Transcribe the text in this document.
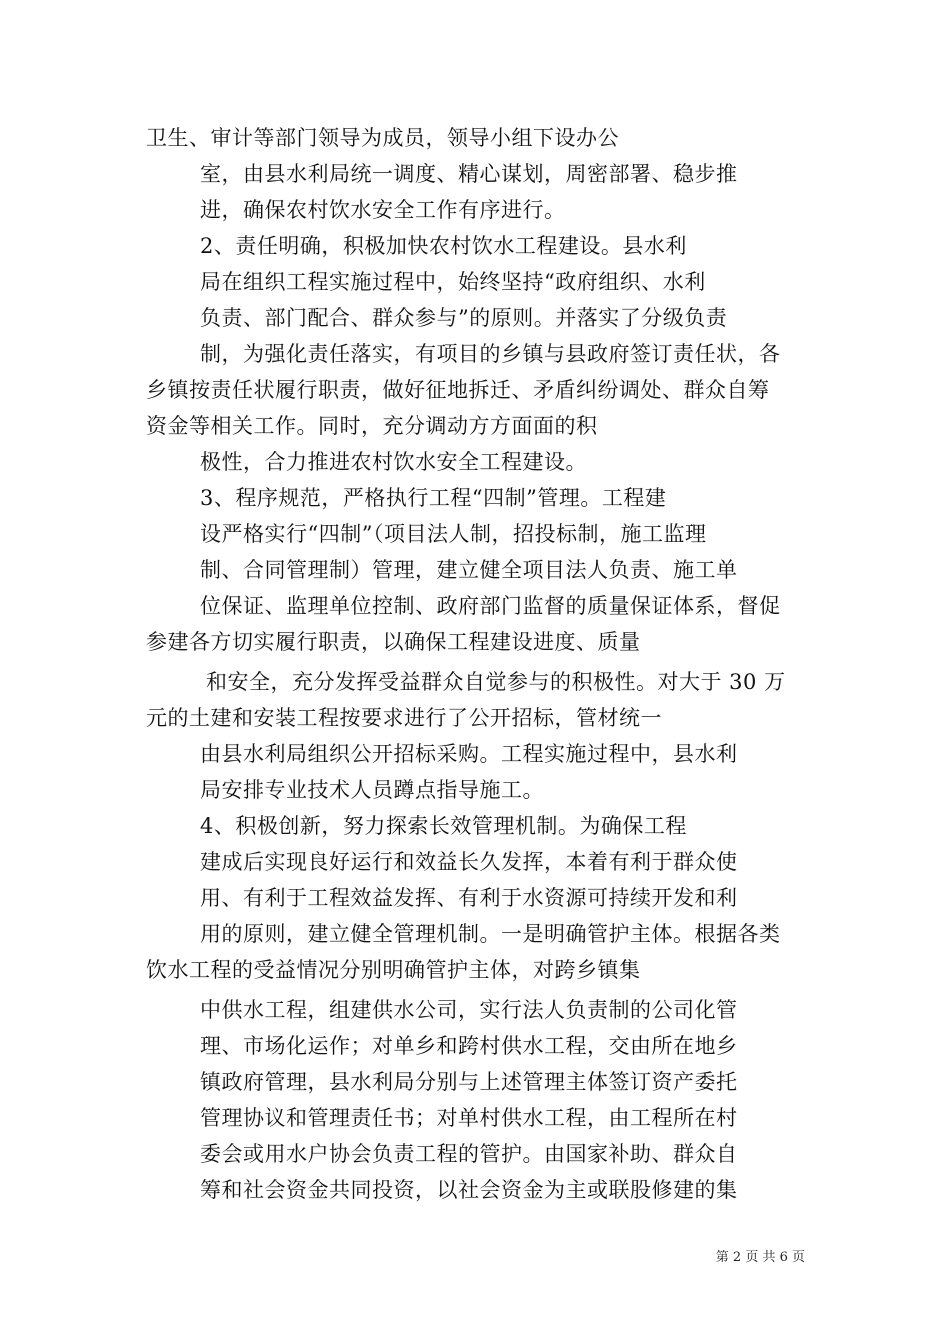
卫生、审计等部门领导为成员，领导小组下设办公
室，由县水利局统一调度、精心谋划，周密部署、稳步推
进，确保农村饮水安全工作有序进行。
2、责任明确，积极加快农村饮水工程建设。县水利
局在组织工程实施过程中，始终坚持“政府组织、水利
负责、部门配合、群众参与”的原则。并落实了分级负责
制，为强化责任落实，有项目的乡镇与县政府签订责任状，各
乡镇按责任状履行职责，做好征地拆迁、矛盾纠纷调处、群众自筹
资金等相关工作。同时，充分调动方方面面的积
极性，合力推进农村饮水安全工程建设。
3、程序规范，严格执行工程“四制”管理。工程建
设严格实行“四制”（项目法人制，招投标制，施工监理
制、合同管理制）管理，建立健全项目法人负责、施工单
位保证、监理单位控制、政府部门监督的质量保证体系，督促
参建各方切实履行职责，以确保工程建设进度、质量
和安全，充分发挥受益群众自觉参与的积极性。对大于 30 万
元的土建和安装工程按要求进行了公开招标，管材统一
由县水利局组织公开招标采购。工程实施过程中，县水利
局安排专业技术人员蹲点指导施工。
4、积极创新，努力探索长效管理机制。为确保工程
建成后实现良好运行和效益长久发挥，本着有利于群众使
用、有利于工程效益发挥、有利于水资源可持续开发和利
用的原则，建立健全管理机制。一是明确管护主体。根据各类
饮水工程的受益情况分别明确管护主体，对跨乡镇集
中供水工程，组建供水公司，实行法人负责制的公司化管
理、市场化运作；对单乡和跨村供水工程，交由所在地乡
镇政府管理，县水利局分别与上述管理主体签订资产委托
管理协议和管理责任书；对单村供水工程，由工程所在村
委会或用水户协会负责工程的管护。由国家补助、群众自
筹和社会资金共同投资，以社会资金为主或联股修建的集
第 2 页 共 6 页
